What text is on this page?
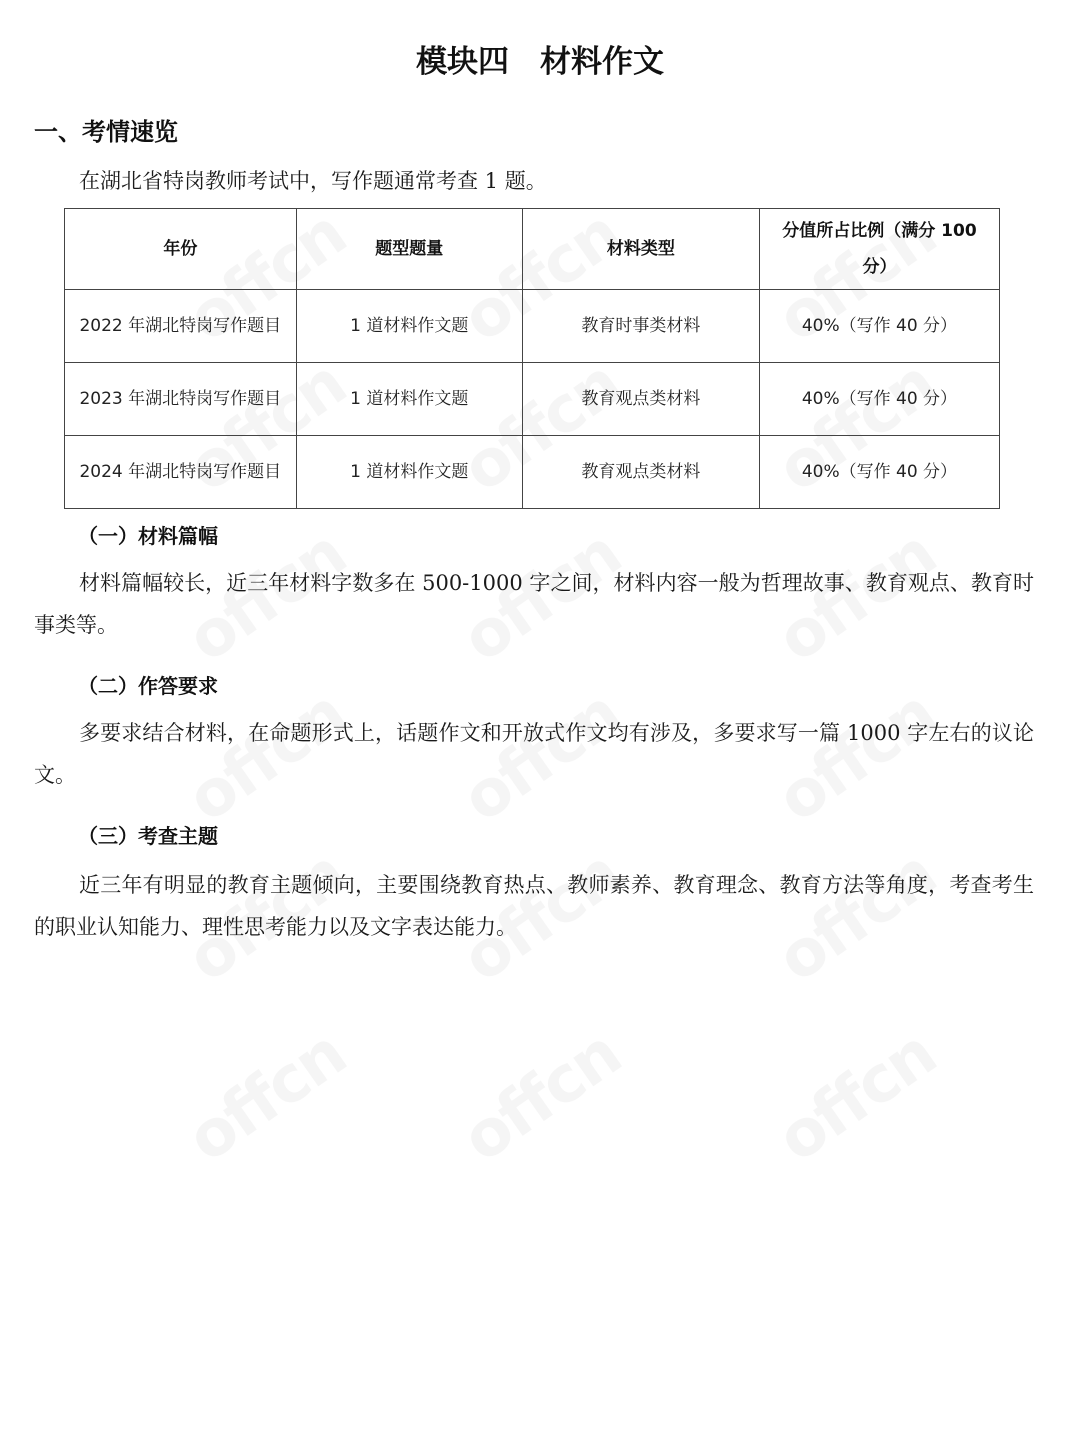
模块四　材料作文
一、考情速览

在湖北省特岗教师考试中，写作题通常考查 1 题。

年份	题型题量	材料类型	分值所占比例（满分 100 分）
2022 年湖北特岗写作题目	1 道材料作文题	教育时事类材料	40%（写作 40 分）
2023 年湖北特岗写作题目	1 道材料作文题	教育观点类材料	40%（写作 40 分）
2024 年湖北特岗写作题目	1 道材料作文题	教育观点类材料	40%（写作 40 分）
（一）材料篇幅

材料篇幅较长，近三年材料字数多在 500-1000 字之间，材料内容一般为哲理故事、教育观点、教育时事类等。

（二）作答要求

多要求结合材料，在命题形式上，话题作文和开放式作文均有涉及，多要求写一篇 1000 字左右的议论文。

（三）考查主题

近三年有明显的教育主题倾向，主要围绕教育热点、教师素养、教育理念、教育方法等角度，考查考生的职业认知能力、理性思考能力以及文字表达能力。
